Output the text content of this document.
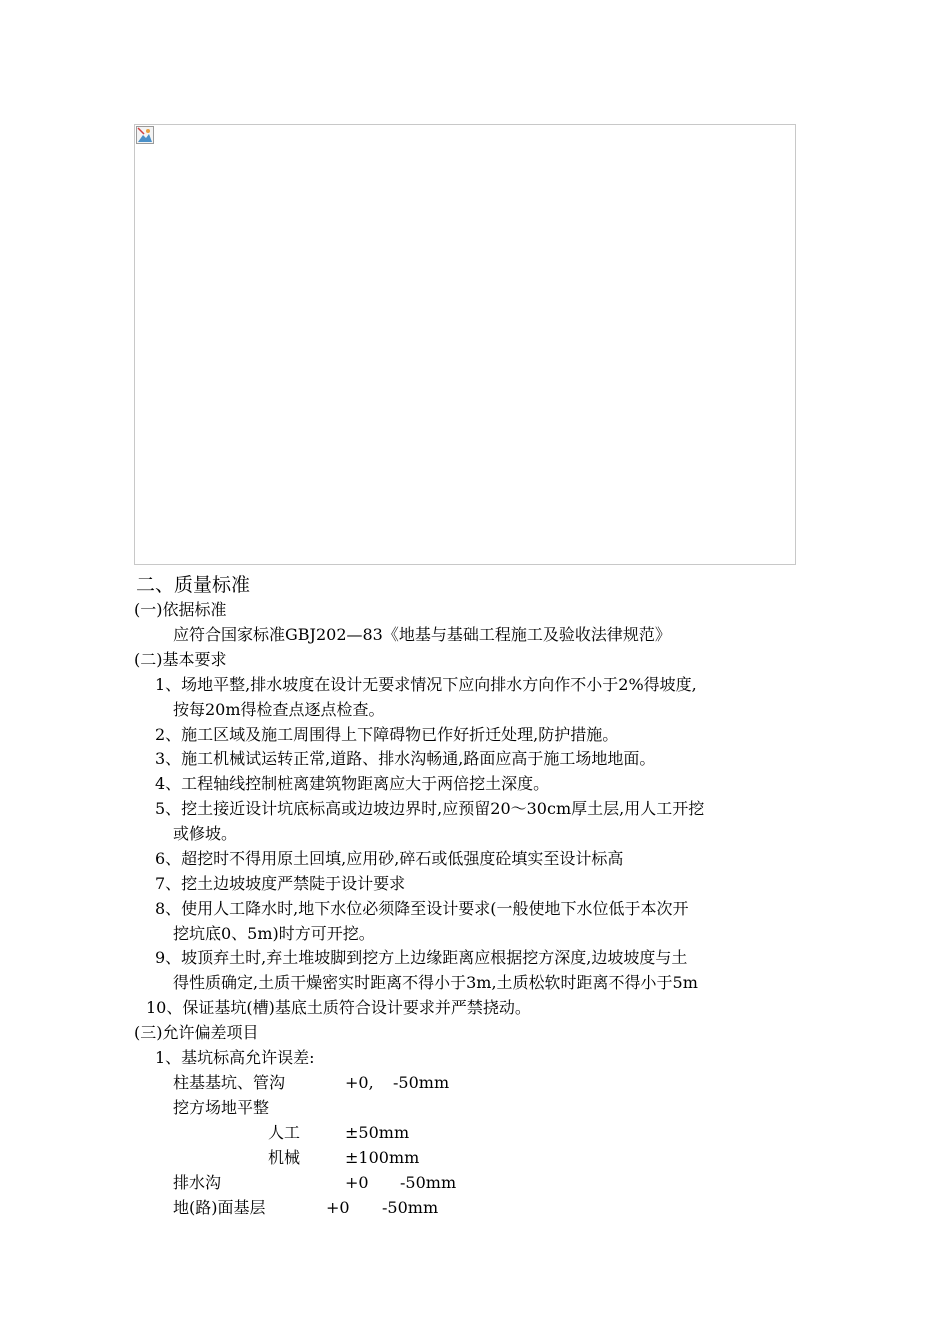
二、质量标准
(一)依据标准
应符合国家标准GBJ202—83《地基与基础工程施工及验收法律规范》
(二)基本要求
1、场地平整,排水坡度在设计无要求情况下应向排水方向作不小于2%得坡度,
按每20m得检查点逐点检查。
2、施工区域及施工周围得上下障碍物已作好折迁处理,防护措施。
3、施工机械试运转正常,道路、排水沟畅通,路面应高于施工场地地面。
4、工程轴线控制桩离建筑物距离应大于两倍挖土深度。
5、挖土接近设计坑底标高或边坡边界时,应预留20～30cm厚土层,用人工开挖
或修坡。
6、超挖时不得用原土回填,应用砂,碎石或低强度砼填实至设计标高
7、挖土边坡坡度严禁陡于设计要求
8、使用人工降水时,地下水位必须降至设计要求(一般使地下水位低于本次开
挖坑底0、5m)时方可开挖。
9、坡顶弃土时,弃土堆坡脚到挖方上边缘距离应根据挖方深度,边坡坡度与土
得性质确定,土质干燥密实时距离不得小于3m,土质松软时距离不得小于5m
10、保证基坑(槽)基底土质符合设计要求并严禁挠动。
(三)允许偏差项目
1、基坑标高允许误差:
柱基基坑、管沟	+0, -50mm
挖方场地平整
人工	±50mm
机械	±100mm
排水沟	+0 -50mm
地(路)面基层	+0 -50mm
